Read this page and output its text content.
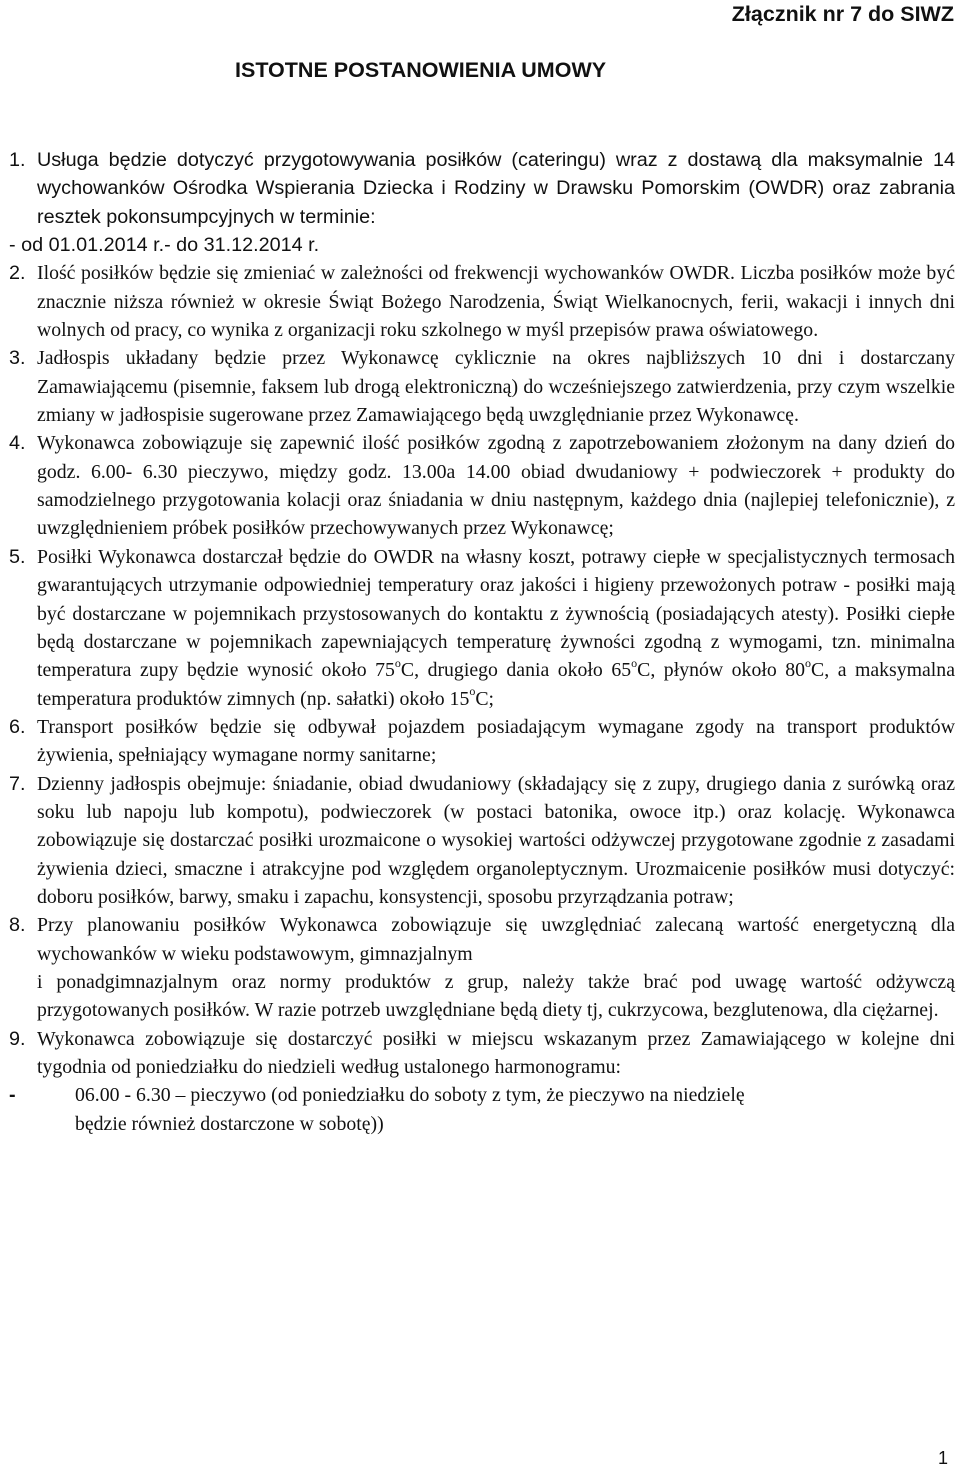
Złącznik nr 7 do SIWZ
ISTOTNE POSTANOWIENIA UMOWY
1. Usługa będzie dotyczyć przygotowywania posiłków (cateringu) wraz z dostawą dla maksymalnie 14 wychowanków Ośrodka Wspierania Dziecka i Rodziny w Drawsku Pomorskim (OWDR) oraz zabrania resztek pokonsumpcyjnych w terminie:
- od 01.01.2014 r.- do 31.12.2014 r.
2. Ilość posiłków będzie się zmieniać w zależności od frekwencji wychowanków OWDR. Liczba posiłków może być znacznie niższa również w okresie Świąt Bożego Narodzenia, Świąt Wielkanocnych, ferii, wakacji i innych dni wolnych od pracy, co wynika z organizacji roku szkolnego w myśl przepisów prawa oświatowego.
3. Jadłospis układany będzie przez Wykonawcę cyklicznie na okres najbliższych 10 dni i dostarczany Zamawiającemu (pisemnie, faksem lub drogą elektroniczną) do wcześniejszego zatwierdzenia, przy czym wszelkie zmiany w jadłospisie sugerowane przez Zamawiającego będą uwzględnianie przez Wykonawcę.
4. Wykonawca zobowiązuje się zapewnić ilość posiłków zgodną z zapotrzebowaniem złożonym na dany dzień do godz. 6.00- 6.30 pieczywo, między godz. 13.00a 14.00 obiad dwudaniowy + podwieczorek + produkty do samodzielnego przygotowania kolacji oraz śniadania w dniu następnym, każdego dnia (najlepiej telefonicznie), z uwzględnieniem próbek posiłków przechowywanych przez Wykonawcę;
5. Posiłki Wykonawca dostarczał będzie do OWDR na własny koszt, potrawy ciepłe w specjalistycznych termosach gwarantujących utrzymanie odpowiedniej temperatury oraz jakości i higieny przewożonych potraw - posiłki mają być dostarczane w pojemnikach przystosowanych do kontaktu z żywnością (posiadających atesty). Posiłki ciepłe będą dostarczane w pojemnikach zapewniających temperaturę żywności zgodną z wymogami, tzn. minimalna temperatura zupy będzie wynosić około 75$^o$C, drugiego dania około 65$^o$C, płynów około 80$^o$C, a maksymalna temperatura produktów zimnych (np. sałatki) około 15$^o$C;
6. Transport posiłków będzie się odbywał pojazdem posiadającym wymagane zgody na transport produktów żywienia, spełniający wymagane normy sanitarne;
7. Dzienny jadłospis obejmuje: śniadanie, obiad dwudaniowy (składający się z zupy, drugiego dania z surówką oraz soku lub napoju lub kompotu), podwieczorek (w postaci batonika, owoce itp.) oraz kolację. Wykonawca zobowiązuje się dostarczać posiłki urozmaicone o wysokiej wartości odżywczej przygotowane zgodnie z zasadami żywienia dzieci, smaczne i atrakcyjne pod względem organoleptycznym. Urozmaicenie posiłków musi dotyczyć: doboru posiłków, barwy, smaku i zapachu, konsystencji, sposobu przyrządzania potraw;
8. Przy planowaniu posiłków Wykonawca zobowiązuje się uwzględniać zalecaną wartość energetyczną dla wychowanków w wieku podstawowym, gimnazjalnym
i ponadgimnazjalnym oraz normy produktów z grup, należy także brać pod uwagę wartość odżywczą przygotowanych posiłków. W razie potrzeb uwzględniane będą diety tj, cukrzycowa, bezglutenowa, dla ciężarnej.
9. Wykonawca zobowiązuje się dostarczyć posiłki w miejscu wskazanym przez Zamawiającego w kolejne dni tygodnia od poniedziałku do niedzieli według ustalonego harmonogramu:
-	06.00 - 6.30 – pieczywo (od poniedziałku do soboty z tym, że pieczywo na niedzielę
będzie również dostarczone w sobotę))
1
